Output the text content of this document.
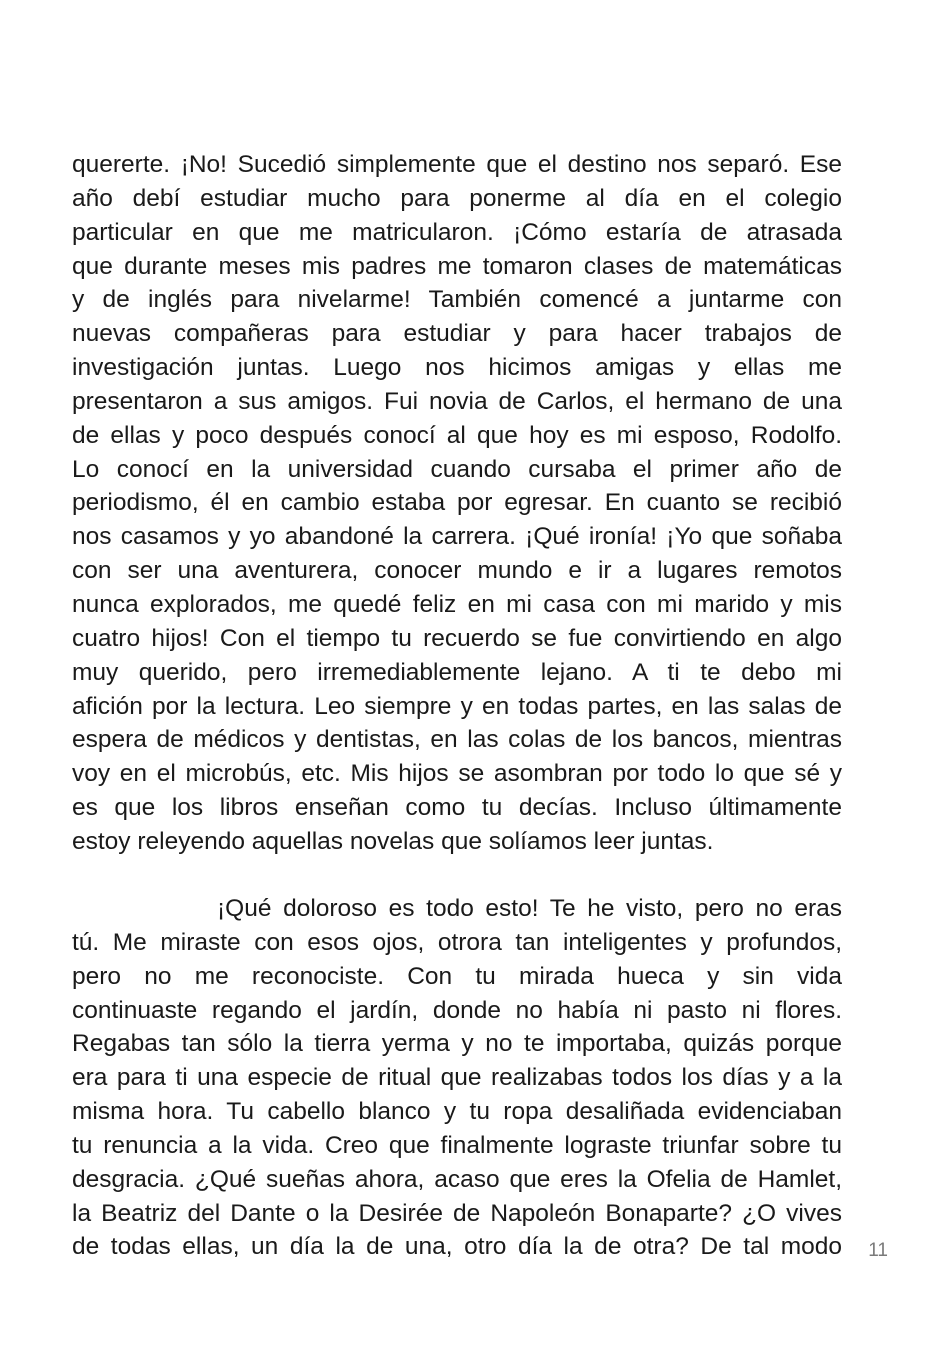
quererte. ¡No! Sucedió simplemente que el destino nos separó. Ese
año debí estudiar mucho para ponerme al día en el colegio
particular en que me matricularon. ¡Cómo estaría de atrasada
que durante meses mis padres me tomaron clases de matemáticas
y de inglés para nivelarme! También comencé a juntarme con
nuevas compañeras para estudiar y para hacer trabajos de
investigación juntas. Luego nos hicimos amigas y ellas me
presentaron a sus amigos. Fui novia de Carlos, el hermano de una
de ellas y poco después conocí al que hoy es mi esposo, Rodolfo.
Lo conocí en la universidad cuando cursaba el primer año de
periodismo, él en cambio estaba por egresar. En cuanto se recibió
nos casamos y yo abandoné la carrera. ¡Qué ironía! ¡Yo que soñaba
con ser una aventurera, conocer mundo e ir a lugares remotos
nunca explorados, me quedé feliz en mi casa con mi marido y mis
cuatro hijos! Con el tiempo tu recuerdo se fue convirtiendo en algo
muy querido, pero irremediablemente lejano. A ti te debo mi
afición por la lectura. Leo siempre y en todas partes, en las salas de
espera de médicos y dentistas, en las colas de los bancos, mientras
voy en el microbús, etc. Mis hijos se asombran por todo lo que sé y
es que los libros enseñan como tu decías. Incluso últimamente
estoy releyendo aquellas novelas que solíamos leer juntas.
¡Qué doloroso es todo esto! Te he visto, pero no eras
tú. Me miraste con esos ojos, otrora tan inteligentes y profundos,
pero no me reconociste. Con tu mirada hueca y sin vida
continuaste regando el jardín, donde no había ni pasto ni flores.
Regabas tan sólo la tierra yerma y no te importaba, quizás porque
era para ti una especie de ritual que realizabas todos los días y a la
misma hora. Tu cabello blanco y tu ropa desaliñada evidenciaban
tu renuncia a la vida. Creo que finalmente lograste triunfar sobre tu
desgracia. ¿Qué sueñas ahora, acaso que eres la Ofelia de Hamlet,
la Beatriz del Dante o la Desirée de Napoleón Bonaparte? ¿O vives
de todas ellas, un día la de una, otro día la de otra? De tal modo	11
